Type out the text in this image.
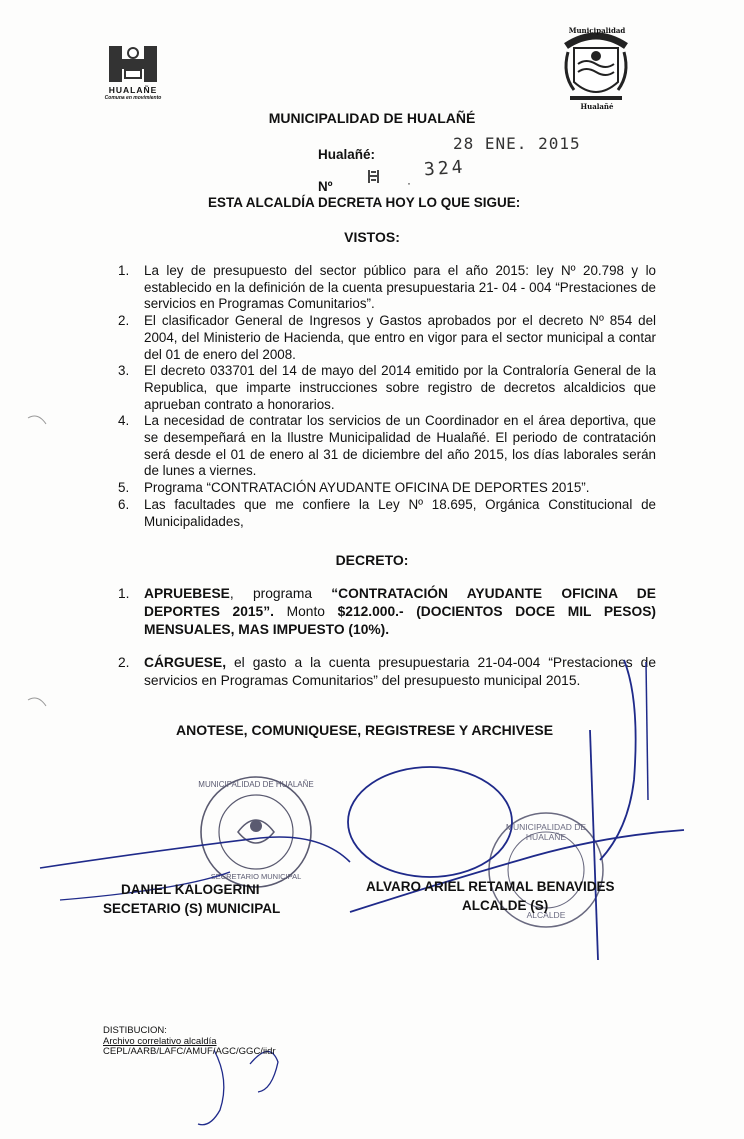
HUALAÑE
Comuna en movimiento
Municipalidad
Hualañé
MUNICIPALIDAD DE HUALAÑÉ
Hualañé:
28 ENE. 2015
Nº	·
324
ESTA ALCALDÍA DECRETA HOY LO QUE SIGUE:
VISTOS:
1. La ley de presupuesto del sector público para el año 2015: ley Nº 20.798 y lo establecido en la definición de la cuenta presupuestaria 21- 04 - 004 “Prestaciones de servicios en Programas Comunitarios”.
2. El clasificador General de Ingresos y Gastos aprobados por el decreto Nº 854 del 2004, del Ministerio de Hacienda, que entro en vigor para el sector municipal a contar del 01 de enero del 2008.
3. El decreto 033701 del 14 de mayo del 2014 emitido por la Contraloría General de la Republica, que imparte instrucciones sobre registro de decretos alcaldicios que aprueban contrato a honorarios.
4. La necesidad de contratar los servicios de un Coordinador en el área deportiva, que se desempeñará en la Ilustre Municipalidad de Hualañé. El periodo de contratación será desde el 01 de enero al 31 de diciembre del año 2015, los días laborales serán de lunes a viernes.
5. Programa “CONTRATACIÓN AYUDANTE OFICINA DE DEPORTES 2015”.
6. Las facultades que me confiere la Ley Nº 18.695, Orgánica Constitucional de Municipalidades,
DECRETO:
1. APRUEBESE, programa “CONTRATACIÓN AYUDANTE OFICINA DE DEPORTES 2015”. Monto $212.000.- (DOCIENTOS DOCE MIL PESOS) MENSUALES, MAS IMPUESTO (10%).
2. CÁRGUESE, el gasto a la cuenta presupuestaria 21-04-004 “Prestaciones de servicios en Programas Comunitarios” del presupuesto municipal 2015.
ANOTESE, COMUNIQUESE, REGISTRESE Y ARCHIVESE
MUNICIPALIDAD DE HUALAÑE
SECRETARIO MUNICIPAL
MUNICIPALIDAD DE HUALAÑE
ALCALDE
DANIEL KALOGERINI
SECETARIO (S) MUNICIPAL
ALVARO ARIEL RETAMAL BENAVIDES
ALCALDE (S)
DISTIBUCION:
Archivo correlativo alcaldía
CEPL/AARB/LAFC/AMUF/AGC/GGC/iidr
